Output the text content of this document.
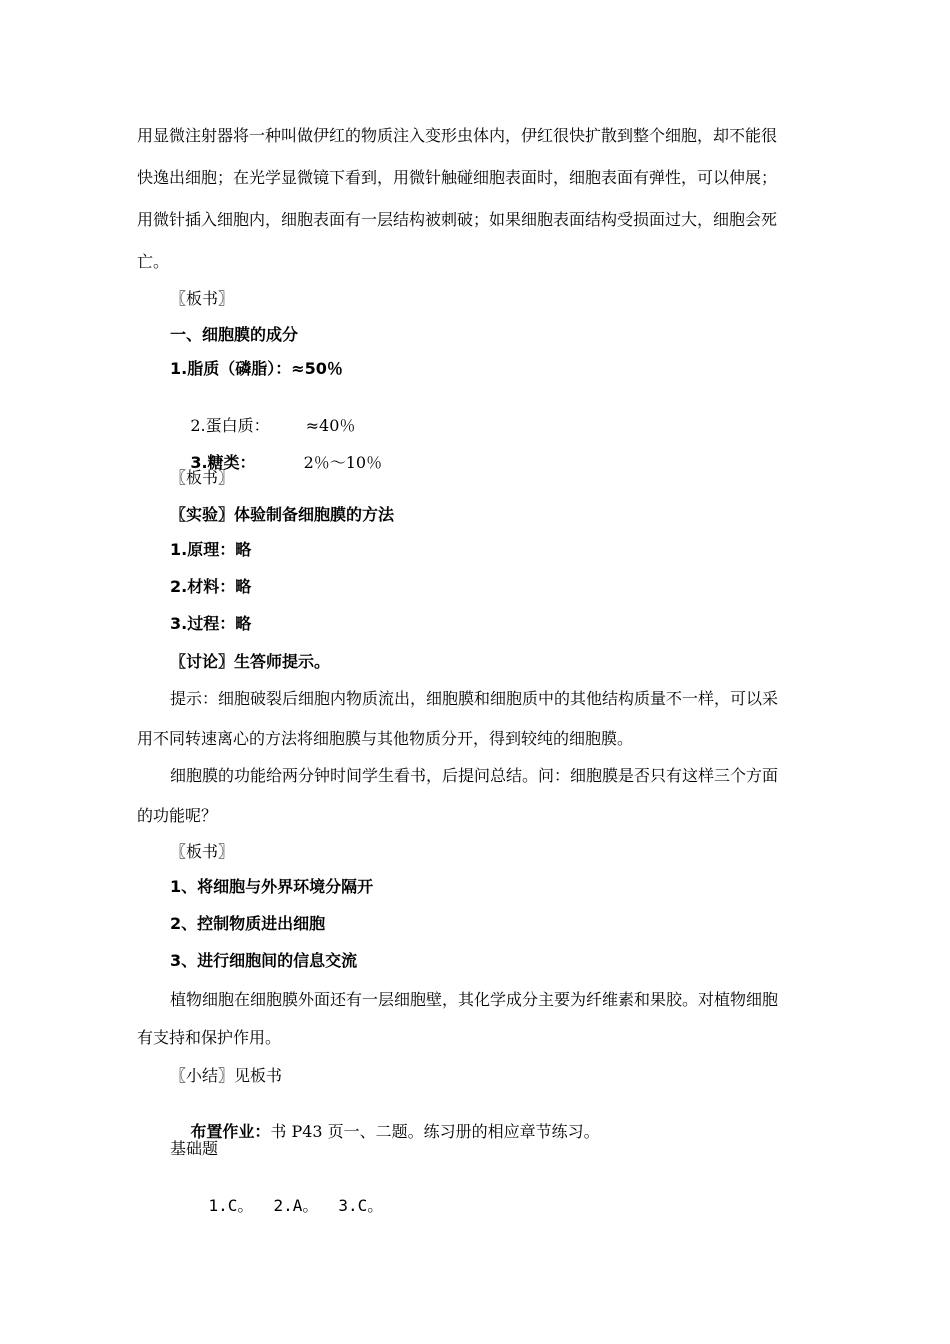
用显微注射器将一种叫做伊红的物质注入变形虫体内，伊红很快扩散到整个细胞，却不能很
快逸出细胞；在光学显微镜下看到，用微针触碰细胞表面时，细胞表面有弹性，可以伸展；
用微针插入细胞内，细胞表面有一层结构被刺破；如果细胞表面结构受损面过大，细胞会死
亡。
〖板书〗
一、细胞膜的成分
1.脂质（磷脂）：≈50％

2.蛋白质： ≈40％

3.糖类：	2％～10％

〖板书〗
〖实验〗体验制备细胞膜的方法
1.原理：略
2.材料：略
3.过程：略
〖讨论〗生答师提示。
提示：细胞破裂后细胞内物质流出，细胞膜和细胞质中的其他结构质量不一样，可以采
用不同转速离心的方法将细胞膜与其他物质分开，得到较纯的细胞膜。
细胞膜的功能给两分钟时间学生看书，后提问总结。问：细胞膜是否只有这样三个方面
的功能呢？
〖板书〗
1、将细胞与外界环境分隔开
2、控制物质进出细胞
3、进行细胞间的信息交流
植物细胞在细胞膜外面还有一层细胞壁，其化学成分主要为纤维素和果胶。对植物细胞
有支持和保护作用。
〖小结〗见板书

布置作业：书 P43 页一、二题。练习册的相应章节练习。

基础题

1.C。 2.A。 3.C。
